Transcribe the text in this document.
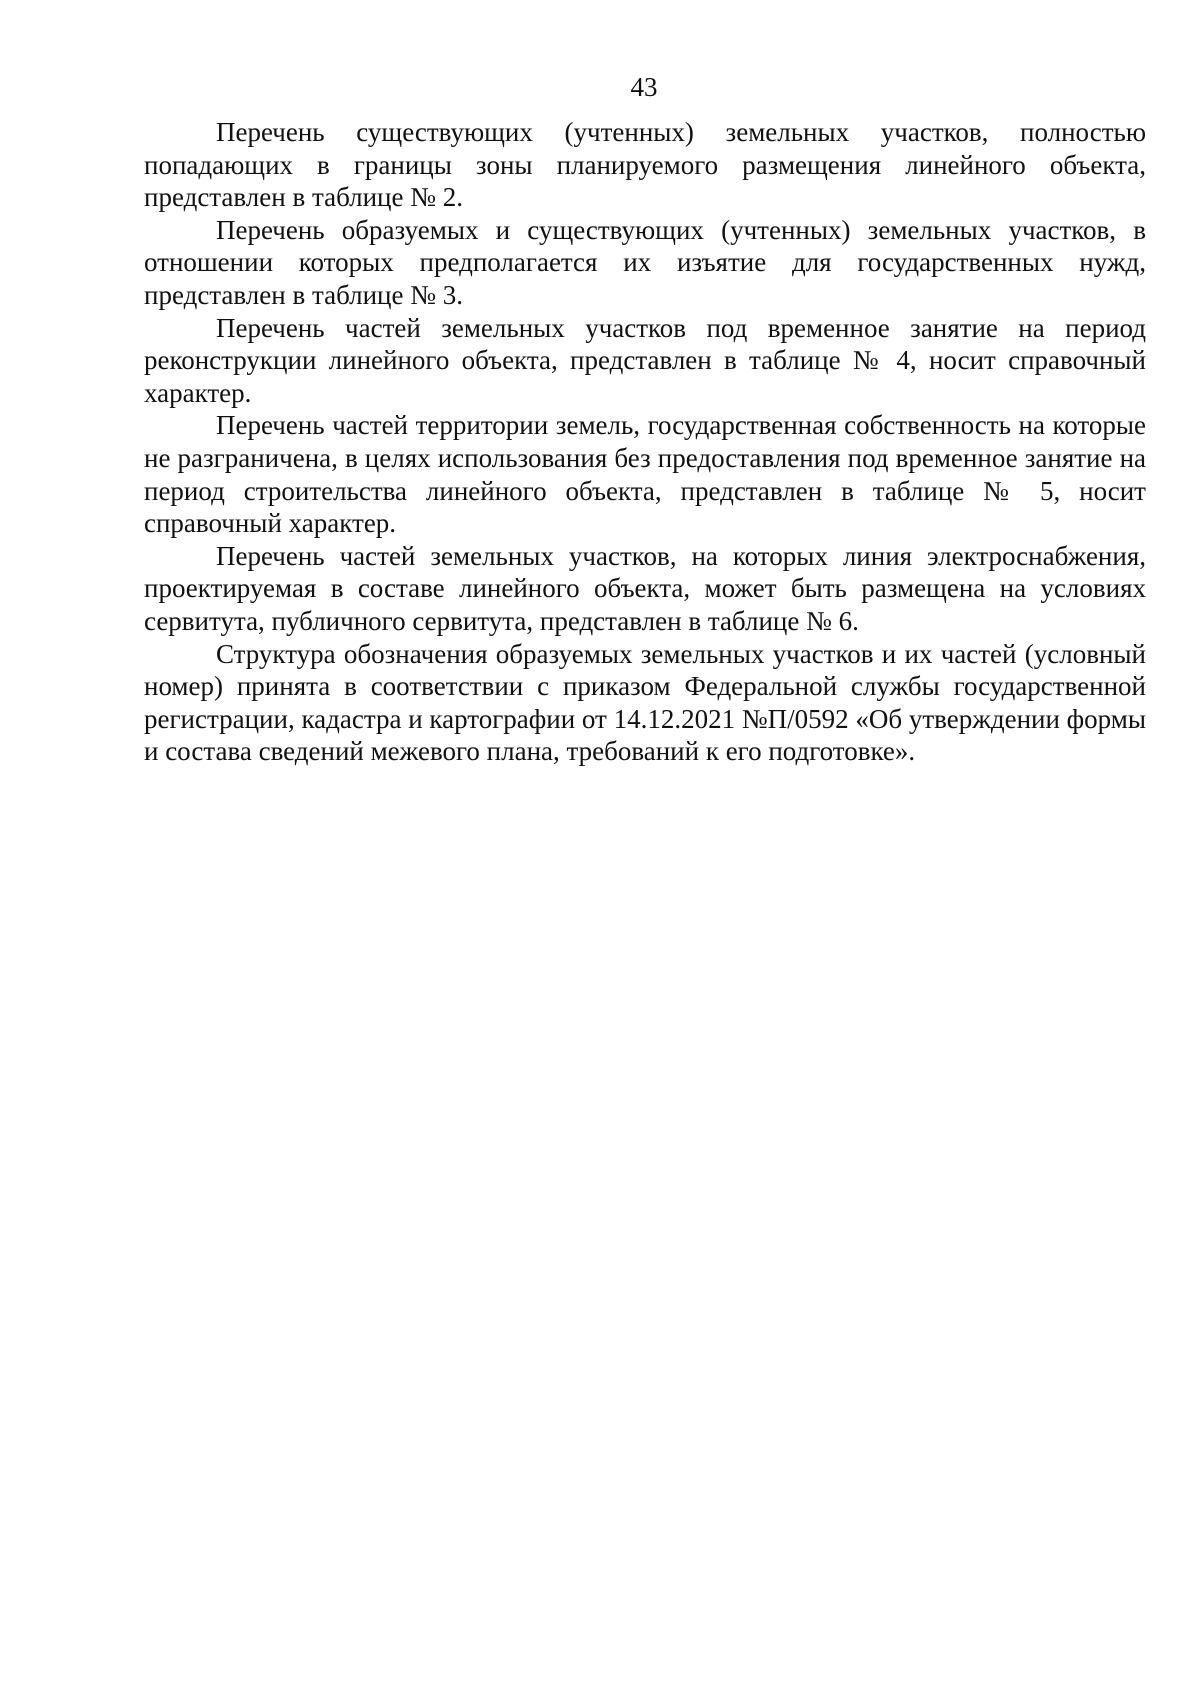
43

Перечень существующих (учтенных) земельных участков, полностью попадающих в границы зоны планируемого размещения линейного объекта, представлен в таблице № 2.

Перечень образуемых и существующих (учтенных) земельных участков, в отношении которых предполагается их изъятие для государственных нужд, представлен в таблице № 3.

Перечень частей земельных участков под временное занятие на период реконструкции линейного объекта, представлен в таблице № 4, носит справочный характер.

Перечень частей территории земель, государственная собственность на которые не разграничена, в целях использования без предоставления под временное занятие на период строительства линейного объекта, представлен в таблице № 5, носит справочный характер.

Перечень частей земельных участков, на которых линия электроснабжения, проектируемая в составе линейного объекта, может быть размещена на условиях сервитута, публичного сервитута, представлен в таблице № 6.

Структура обозначения образуемых земельных участков и их частей (условный номер) принята в соответствии с приказом Федеральной службы государственной регистрации, кадастра и картографии от 14.12.2021 №П/0592 «Об утверждении формы и состава сведений межевого плана, требований к его подготовке».
